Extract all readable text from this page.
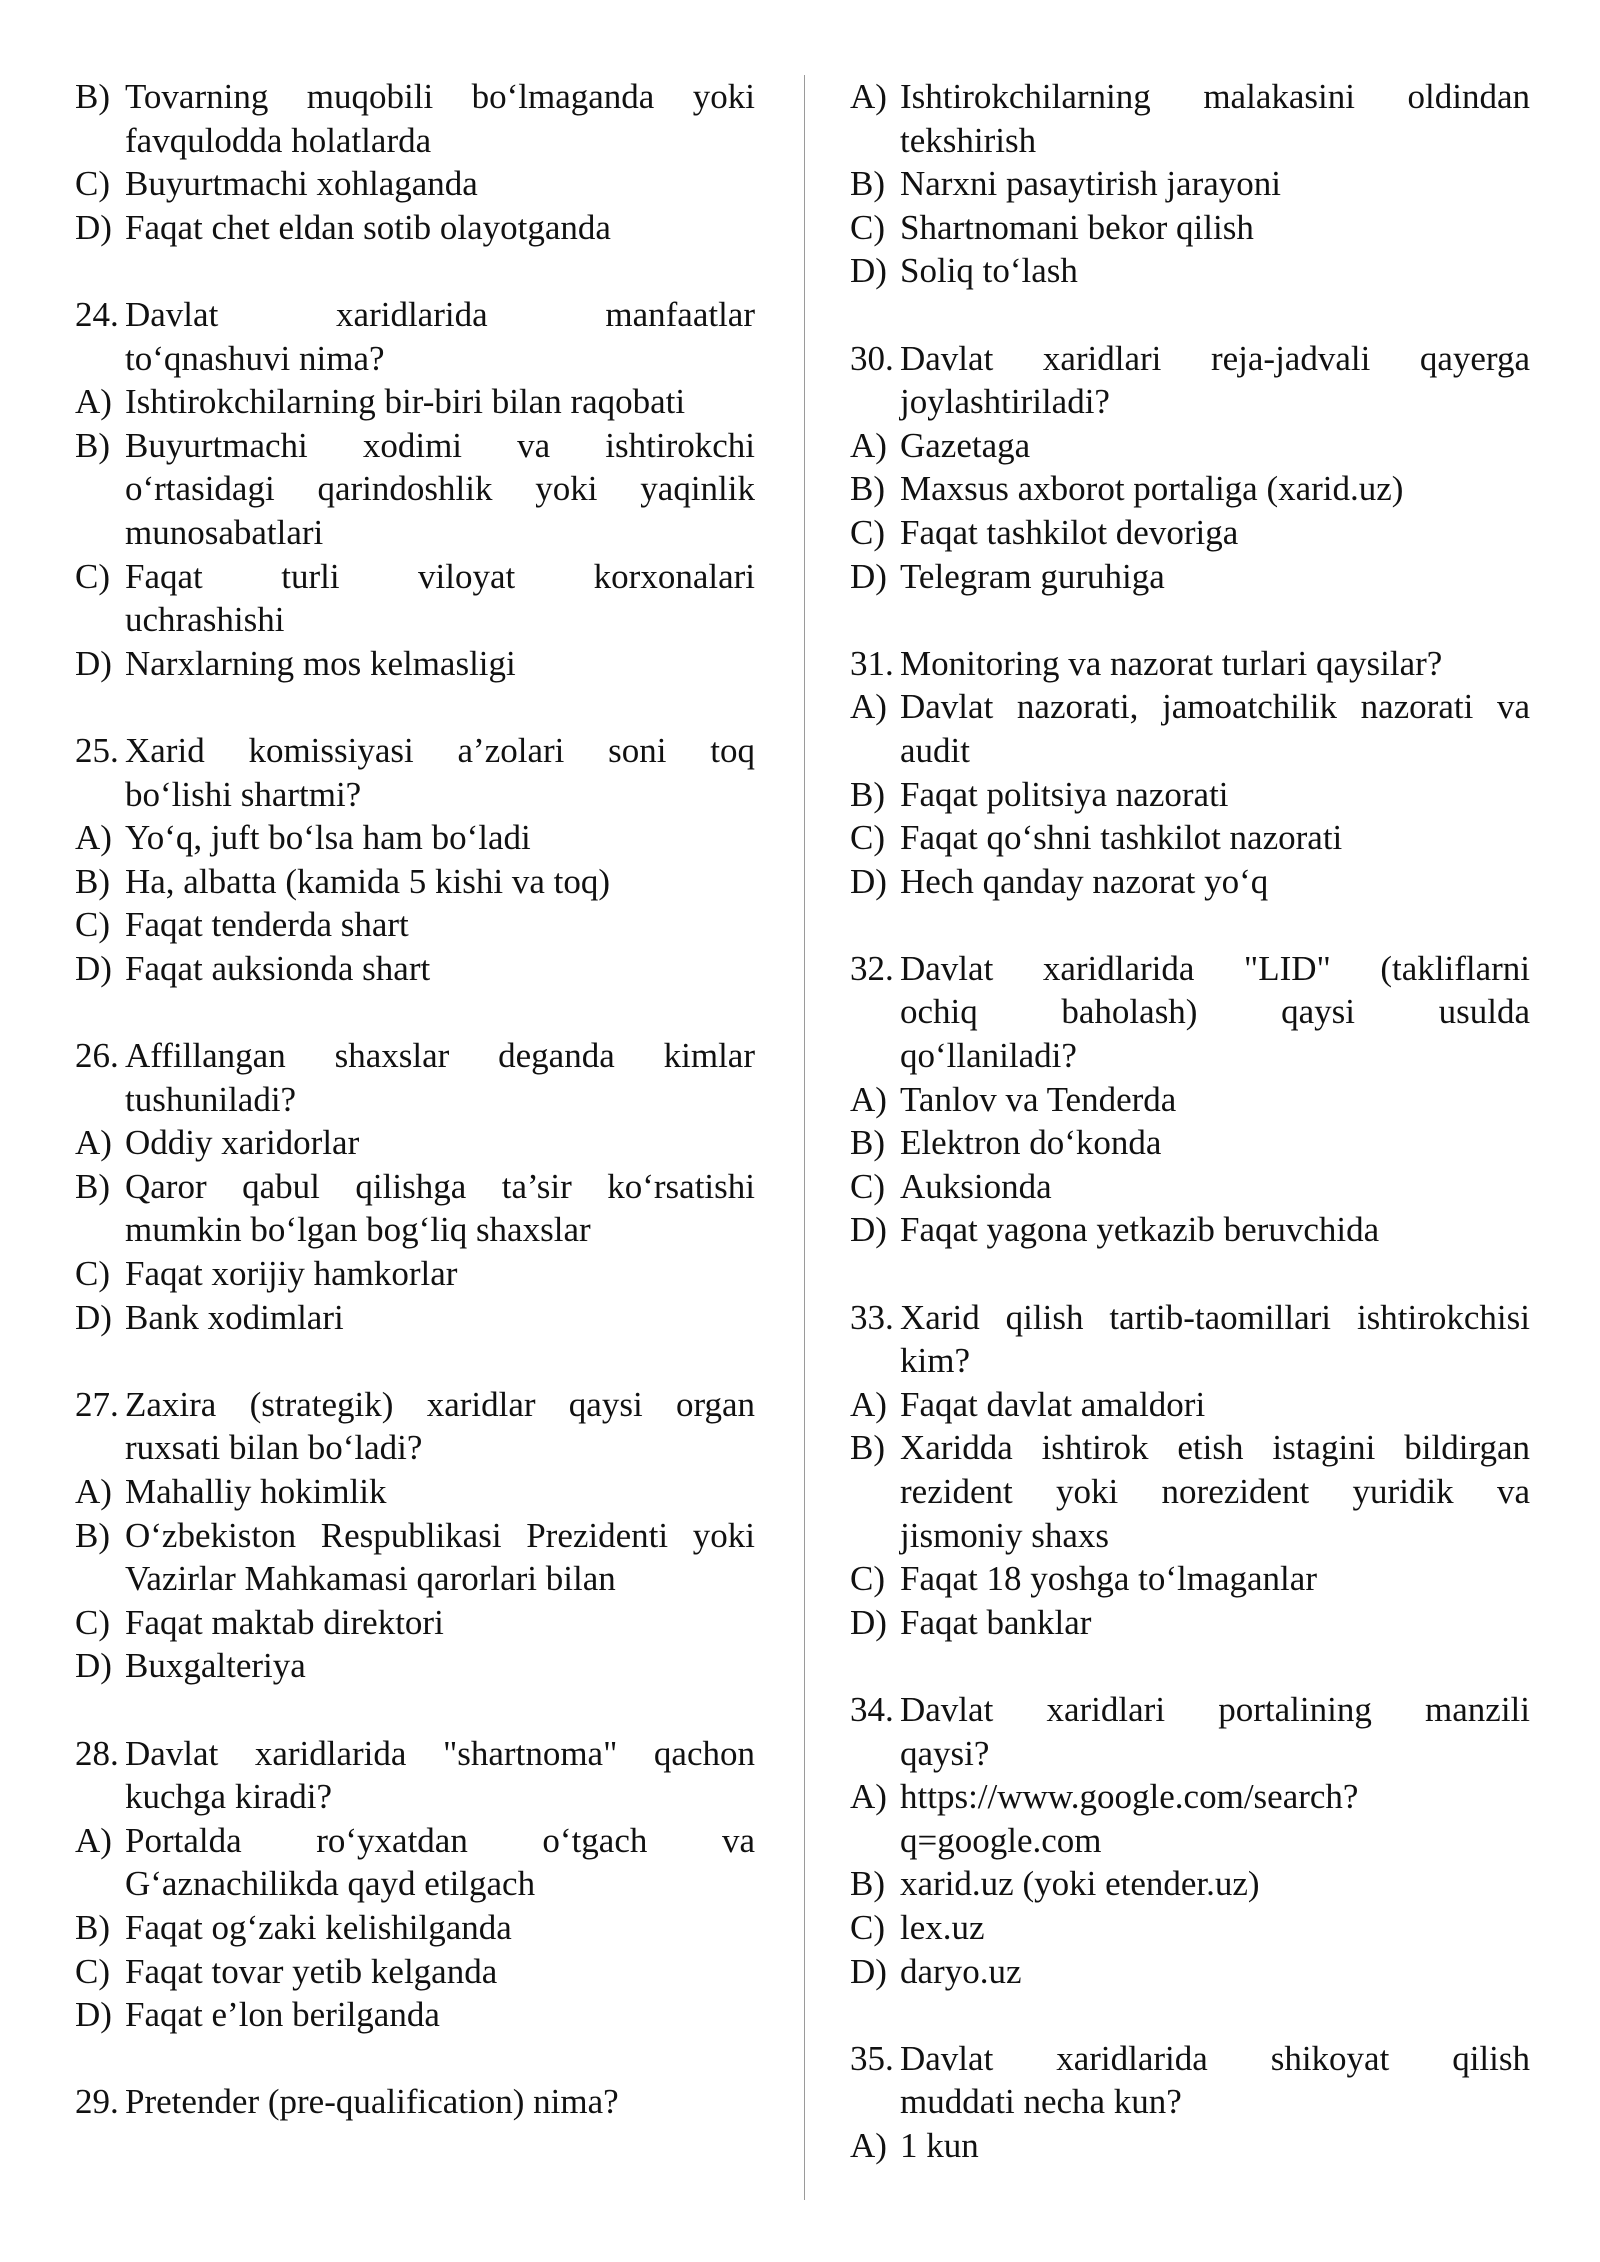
B) Tovarning muqobili bo‘lmaganda yoki
favqulodda holatlarda
C) Buyurtmachi xohlaganda
D) Faqat chet eldan sotib olayotganda
24. Davlat xaridlarida manfaatlar
to‘qnashuvi nima?
A) Ishtirokchilarning bir-biri bilan raqobati
B) Buyurtmachi xodimi va ishtirokchi
o‘rtasidagi qarindoshlik yoki yaqinlik
munosabatlari
C) Faqat turli viloyat korxonalari
uchrashishi
D) Narxlarning mos kelmasligi
25. Xarid komissiyasi a’zolari soni toq
bo‘lishi shartmi?
A) Yo‘q, juft bo‘lsa ham bo‘ladi
B) Ha, albatta (kamida 5 kishi va toq)
C) Faqat tenderda shart
D) Faqat auksionda shart
26. Affillangan shaxslar deganda kimlar
tushuniladi?
A) Oddiy xaridorlar
B) Qaror qabul qilishga ta’sir ko‘rsatishi
mumkin bo‘lgan bog‘liq shaxslar
C) Faqat xorijiy hamkorlar
D) Bank xodimlari
27. Zaxira (strategik) xaridlar qaysi organ
ruxsati bilan bo‘ladi?
A) Mahalliy hokimlik
B) O‘zbekiston Respublikasi Prezidenti yoki
Vazirlar Mahkamasi qarorlari bilan
C) Faqat maktab direktori
D) Buxgalteriya
28. Davlat xaridlarida "shartnoma" qachon
kuchga kiradi?
A) Portalda ro‘yxatdan o‘tgach va
G‘aznachilikda qayd etilgach
B) Faqat og‘zaki kelishilganda
C) Faqat tovar yetib kelganda
D) Faqat e’lon berilganda
29. Pretender (pre-qualification) nima?
A) Ishtirokchilarning malakasini oldindan
tekshirish
B) Narxni pasaytirish jarayoni
C) Shartnomani bekor qilish
D) Soliq to‘lash
30. Davlat xaridlari reja-jadvali qayerga
joylashtiriladi?
A) Gazetaga
B) Maxsus axborot portaliga (xarid.uz)
C) Faqat tashkilot devoriga
D) Telegram guruhiga
31. Monitoring va nazorat turlari qaysilar?
A) Davlat nazorati, jamoatchilik nazorati va
audit
B) Faqat politsiya nazorati
C) Faqat qo‘shni tashkilot nazorati
D) Hech qanday nazorat yo‘q
32. Davlat xaridlarida "LID" (takliflarni
ochiq baholash) qaysi usulda
qo‘llaniladi?
A) Tanlov va Tenderda
B) Elektron do‘konda
C) Auksionda
D) Faqat yagona yetkazib beruvchida
33. Xarid qilish tartib-taomillari ishtirokchisi
kim?
A) Faqat davlat amaldori
B) Xaridda ishtirok etish istagini bildirgan
rezident yoki norezident yuridik va
jismoniy shaxs
C) Faqat 18 yoshga to‘lmaganlar
D) Faqat banklar
34. Davlat xaridlari portalining manzili
qaysi?
A) https://www.google.com/search?
q=google.com
B) xarid.uz (yoki etender.uz)
C) lex.uz
D) daryo.uz
35. Davlat xaridlarida shikoyat qilish
muddati necha kun?
A) 1 kun
